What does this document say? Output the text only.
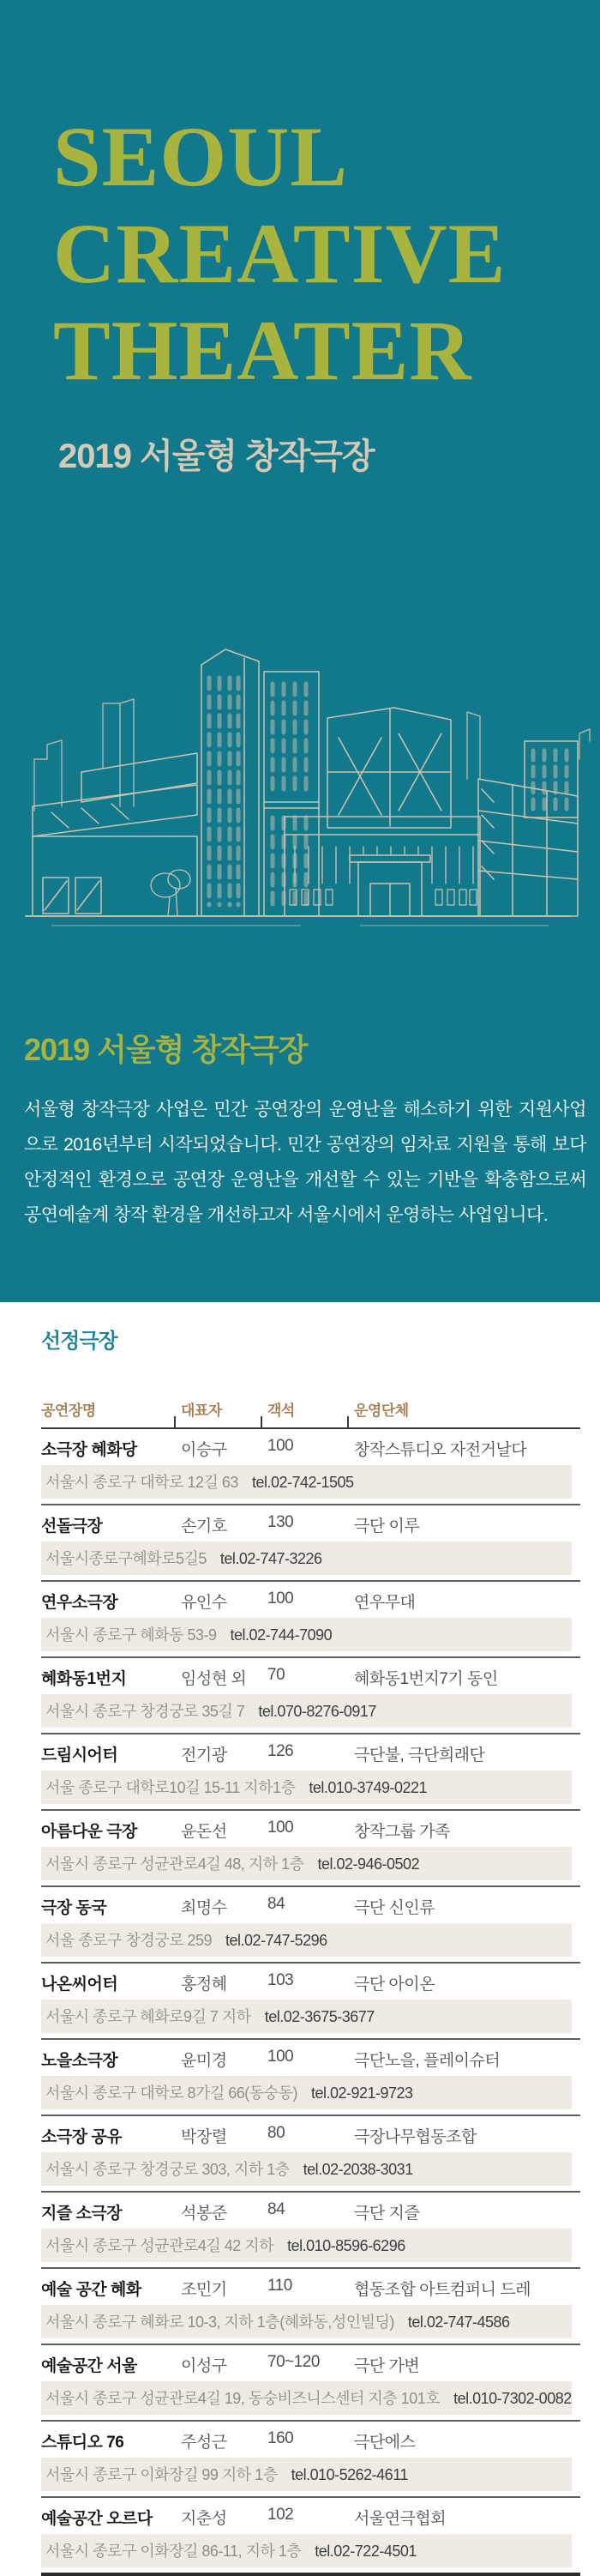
SEOUL
CREATIVE
THEATER
2019 서울형 창작극장
2019 서울형 창작극장

서울형 창작극장 사업은 민간 공연장의 운영난을 해소하기 위한 지원사업으로 2016년부터 시작되었습니다. 민간 공연장의 임차료 지원을 통해 보다 안정적인 환경으로 공연장 운영난을 개선할 수 있는 기반을 확충함으로써 공연예술계 창작 환경을 개선하고자 서울시에서 운영하는 사업입니다.

선정극장
공연장명	대표자	객석	운영단체
소극장 혜화당	이승구	100	창작스튜디오 자전거날다
서울시 종로구 대학로 12길 63 tel.02-742-1505
선돌극장	손기호	130	극단 이루
서울시종로구혜화로5길5 tel.02-747-3226
연우소극장	유인수	100	연우무대
서울시 종로구 혜화동 53-9 tel.02-744-7090
혜화동1번지	임성현 외	70	혜화동1번지7기 동인
서울시 종로구 창경궁로 35길 7 tel.070-8276-0917
드림시어터	전기광	126	극단불, 극단희래단
서울 종로구 대학로10길 15-11 지하1층 tel.010-3749-0221
아름다운 극장	윤돈선	100	창작그룹 가족
서울시 종로구 성균관로4길 48, 지하 1층 tel.02-946-0502
극장 동국	최명수	84	극단 신인류
서울 종로구 창경궁로 259 tel.02-747-5296
나온씨어터	홍정혜	103	극단 아이온
서울시 종로구 혜화로9길 7 지하 tel.02-3675-3677
노을소극장	윤미경	100	극단노을, 플레이슈터
서울시 종로구 대학로 8가길 66(동숭동) tel.02-921-9723
소극장 공유	박장렬	80	극장나무협동조합
서울시 종로구 창경궁로 303, 지하 1층 tel.02-2038-3031
지즐 소극장	석봉준	84	극단 지즐
서울시 종로구 성균관로4길 42 지하 tel.010-8596-6296
예술 공간 혜화	조민기	110	협동조합 아트컴퍼니 드레
서울시 종로구 혜화로 10-3, 지하 1층(혜화동,성인빌딩) tel.02-747-4586
예술공간 서울	이성구	70~120	극단 가변
서울시 종로구 성균관로4길 19, 동숭비즈니스센터 지층 101호 tel.010-7302-0082
스튜디오 76	주성근	160	극단에스
서울시 종로구 이화장길 99 지하 1층 tel.010-5262-4611
예술공간 오르다	지춘성	102	서울연극협회
서울시 종로구 이화장길 86-11, 지하 1층 tel.02-722-4501
